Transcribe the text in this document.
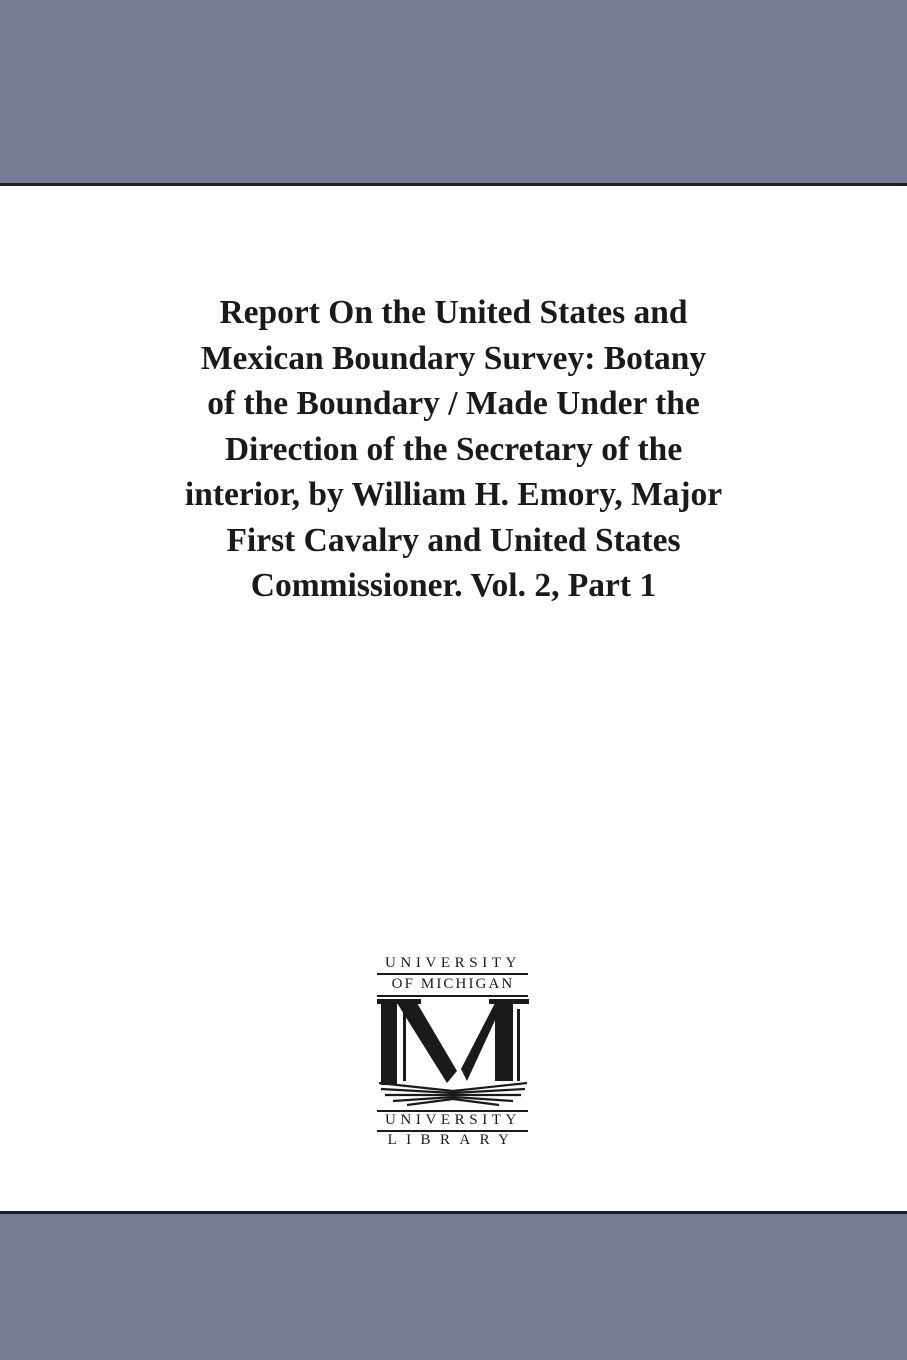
Report On the United States and
Mexican Boundary Survey: Botany
of the Boundary / Made Under the
Direction of the Secretary of the
interior, by William H. Emory, Major
First Cavalry and United States
Commissioner. Vol. 2, Part 1
UNIVERSITY
OF MICHIGAN
UNIVERSITY
LIBRARY
